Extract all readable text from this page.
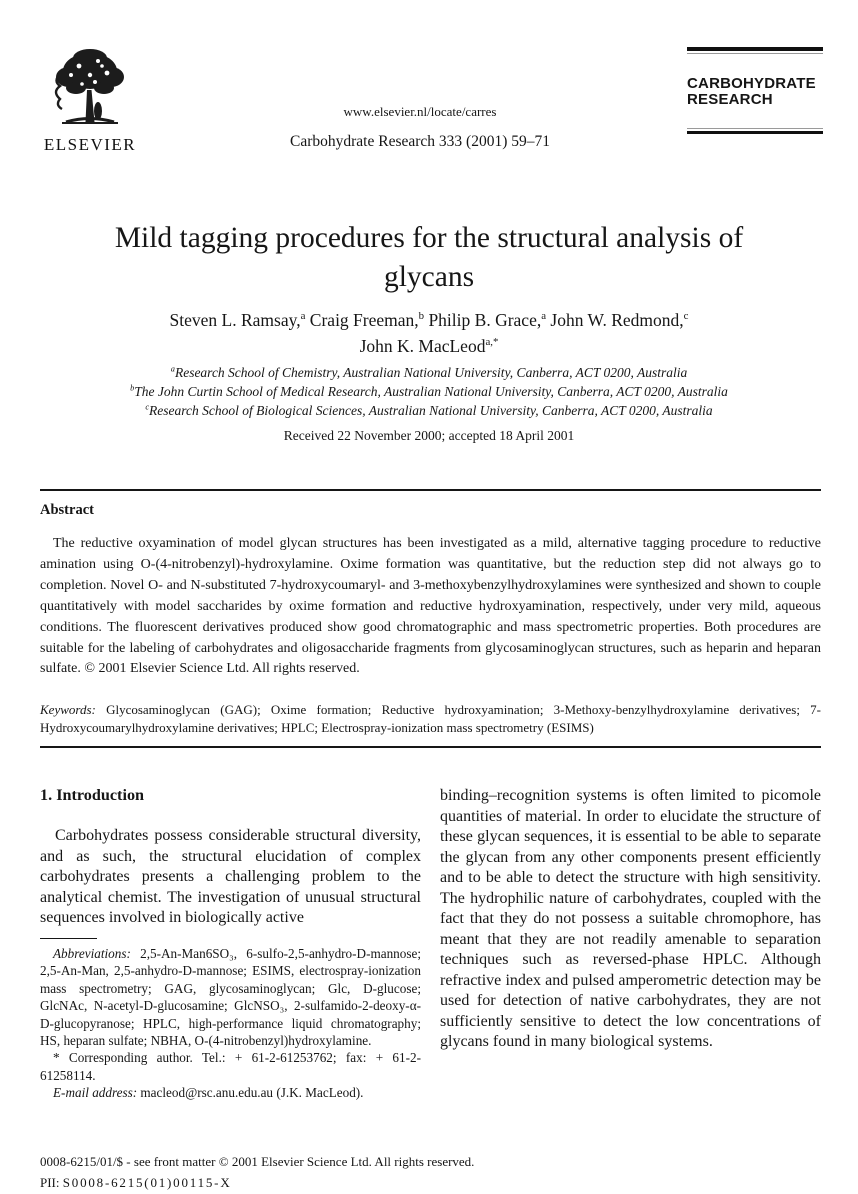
ELSEVIER
www.elsevier.nl/locate/carres
Carbohydrate Research 333 (2001) 59–71
CARBOHYDRATE
RESEARCH
Mild tagging procedures for the structural analysis of
glycans
Steven L. Ramsay,$^a$ Craig Freeman,$^b$ Philip B. Grace,$^a$ John W. Redmond,$^c$
John K. MacLeod$^{a,*}$
$^a$Research School of Chemistry, Australian National University, Canberra, ACT 0200, Australia
$^b$The John Curtin School of Medical Research, Australian National University, Canberra, ACT 0200, Australia
$^c$Research School of Biological Sciences, Australian National University, Canberra, ACT 0200, Australia
Received 22 November 2000; accepted 18 April 2001
Abstract

The reductive oxyamination of model glycan structures has been investigated as a mild, alternative tagging procedure to reductive amination using O-(4-nitrobenzyl)-hydroxylamine. Oxime formation was quantitative, but the reduction step did not always go to completion. Novel O- and N-substituted 7-hydroxycoumaryl- and 3-methoxybenzylhydroxylamines were synthesized and shown to couple quantitatively with model saccharides by oxime formation and reductive hydroxyamination, respectively, under very mild, aqueous conditions. The fluorescent derivatives produced show good chromatographic and mass spectrometric properties. Both procedures are suitable for the labeling of carbohydrates and oligosaccharide fragments from glycosaminoglycan structures, such as heparin and heparan sulfate. © 2001 Elsevier Science Ltd. All rights reserved.

Keywords: Glycosaminoglycan (GAG); Oxime formation; Reductive hydroxyamination; 3-Methoxy-benzylhydroxylamine derivatives; 7-Hydroxycoumarylhydroxylamine derivatives; HPLC; Electrospray-ionization mass spectrometry (ESIMS)
1. Introduction

Carbohydrates possess considerable structural diversity, and as such, the structural elucidation of complex carbohydrates presents a challenging problem to the analytical chemist. The investigation of unusual structural sequences involved in biologically active

Abbreviations: 2,5-An-Man6SO₃, 6-sulfo-2,5-anhydro-D-mannose; 2,5-An-Man, 2,5-anhydro-D-mannose; ESIMS, electrospray-ionization mass spectrometry; GAG, glycosaminoglycan; Glc, D-glucose; GlcNAc, N-acetyl-D-glucosamine; GlcNSO₃, 2-sulfamido-2-deoxy-α-D-glucopyranose; HPLC, high-performance liquid chromatography; HS, heparan sulfate; NBHA, O-(4-nitrobenzyl)hydroxylamine.

* Corresponding author. Tel.: + 61-2-61253762; fax: + 61-2-61258114.

E-mail address: macleod@rsc.anu.edu.au (J.K. MacLeod).

binding–recognition systems is often limited to picomole quantities of material. In order to elucidate the structure of these glycan sequences, it is essential to be able to separate the glycan from any other components present efficiently and to be able to detect the structure with high sensitivity. The hydrophilic nature of carbohydrates, coupled with the fact that they do not possess a suitable chromophore, has meant that they are not readily amenable to separation techniques such as reversed-phase HPLC. Although refractive index and pulsed amperometric detection may be used for detection of native carbohydrates, they are not sufficiently sensitive to detect the low concentrations of glycans found in many biological systems.

0008-6215/01/$ - see front matter © 2001 Elsevier Science Ltd. All rights reserved.
PII: S0008-6215(01)00115-X
